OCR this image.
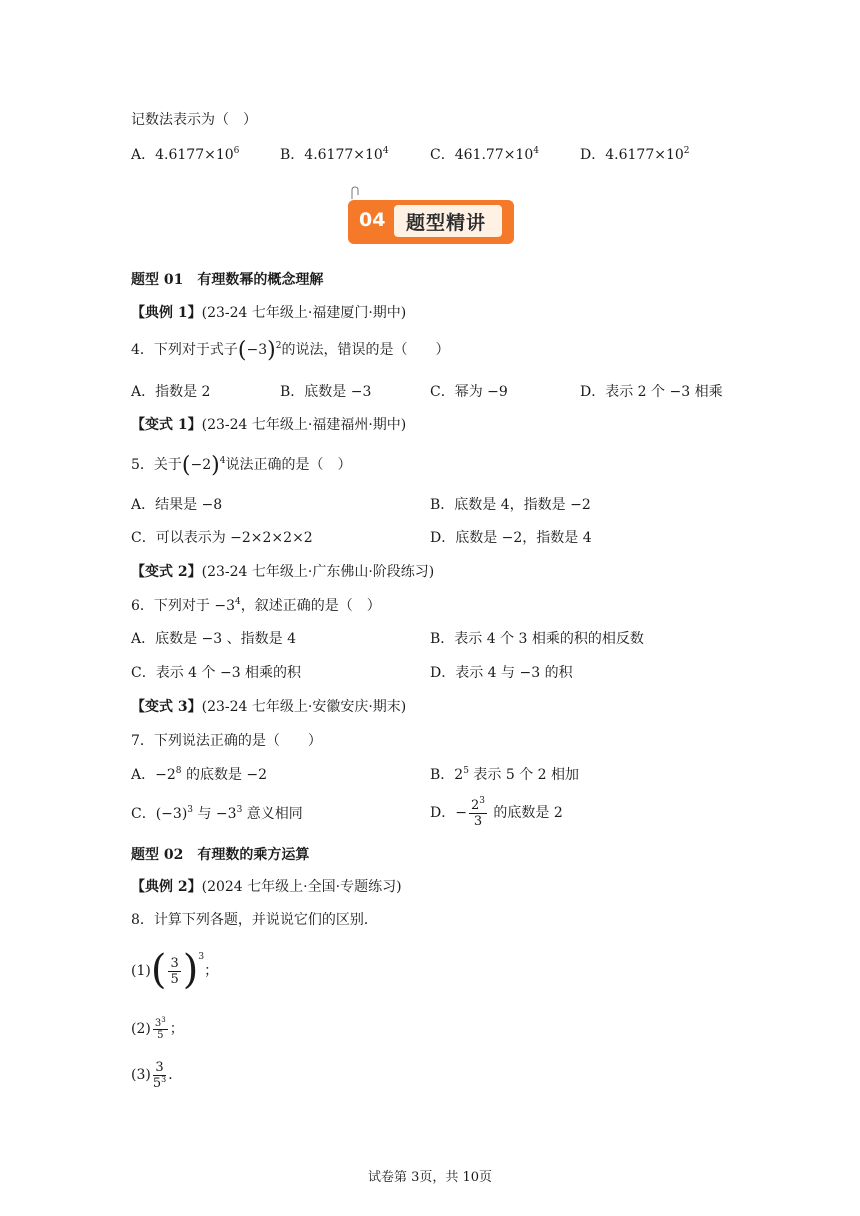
记数法表示为（　）
A．$4.6177\times 10^6$	B．$4.6177\times 10^4$	C．$461.77\times 10^4$	D．$4.6177\times 10^2$
04 题型精讲
题型 01　有理数幂的概念理解
【典例 1】(23-24 七年级上·福建厦门·期中)
4．下列对于式子$(-3)^2$的说法，错误的是（　　）
A．指数是 2	B．底数是 −3	C．幂为 −9	D．表示 2 个 −3 相乘
【变式 1】(23-24 七年级上·福建福州·期中)
5．关于$(-2)^4$说法正确的是（　）
A．结果是 −8	B．底数是 4，指数是 −2
C．可以表示为 −2×2×2×2	D．底数是 −2，指数是 4
【变式 2】(23-24 七年级上·广东佛山·阶段练习)
6．下列对于 $-3^4$，叙述正确的是（　）
A．底数是 −3 、指数是 4	B．表示 4 个 3 相乘的积的相反数
C．表示 4 个 −3 相乘的积	D．表示 4 与 −3 的积
【变式 3】(23-24 七年级上·安徽安庆·期末)
7．下列说法正确的是（　　）
A．$-2^8$ 的底数是 −2	B．$2^5$ 表示 5 个 2 相加
C．$(-3)^3$ 与 $-3^3$ 意义相同	D．− $\frac{2^3}{3}$ 的底数是 2
题型 02　有理数的乘方运算
【典例 2】(2024 七年级上·全国·专题练习)
8．计算下列各题，并说说它们的区别．
$(1)( \frac{3}{5} )^3$；
$(2) \frac{3^3}{5}$ ；
$(3) \frac{3}{5^3}$ ．
试卷第 3页，共 10页
